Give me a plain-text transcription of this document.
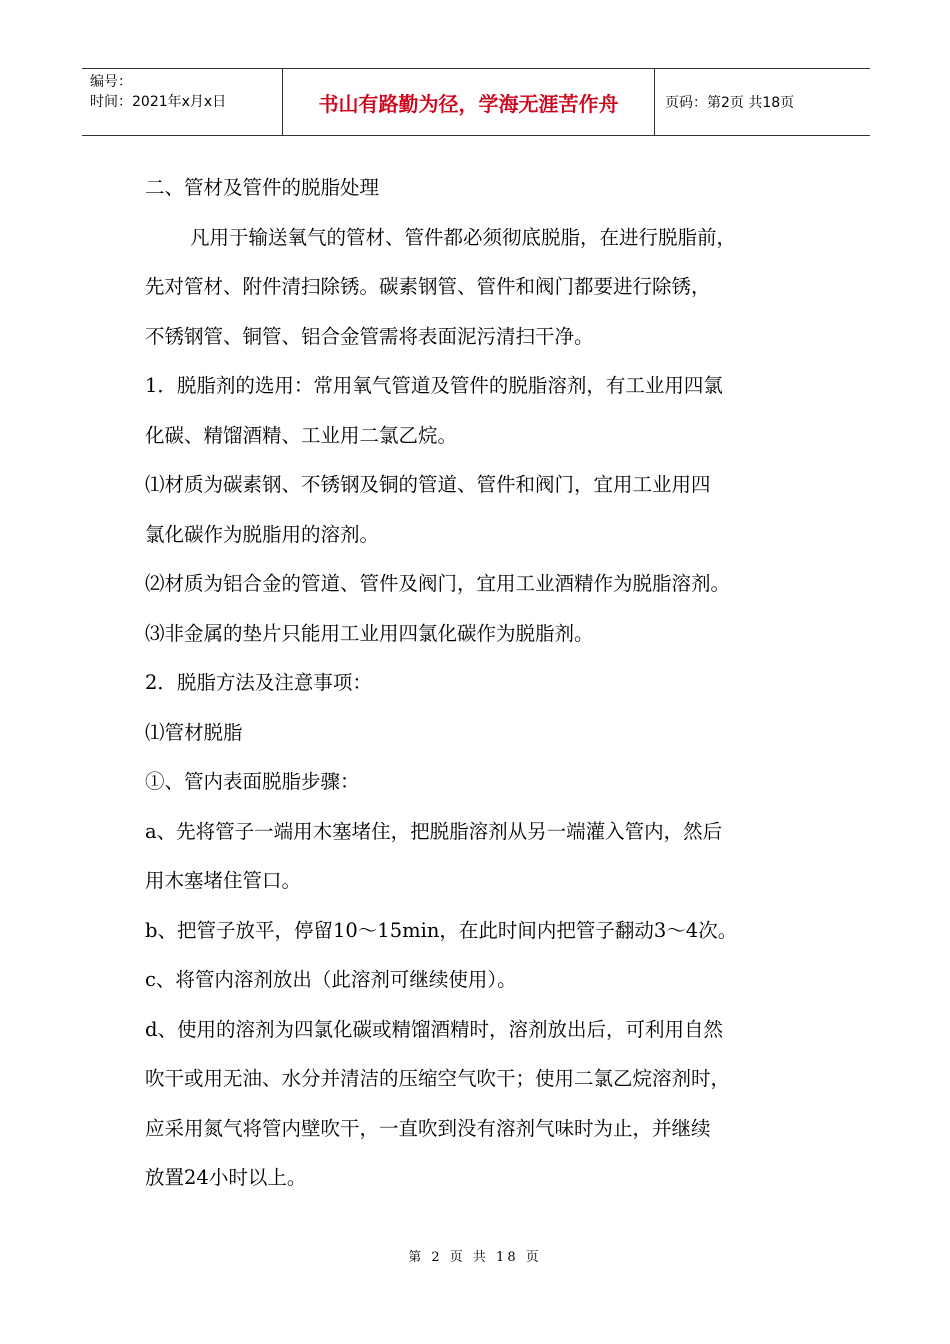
编号：
时间：2021年x月x日	书山有路勤为径，学海无涯苦作舟	页码：第2页 共18页
二、管材及管件的脱脂处理
凡用于输送氧气的管材、管件都必须彻底脱脂，在进行脱脂前，
先对管材、附件清扫除锈。碳素钢管、管件和阀门都要进行除锈，
不锈钢管、铜管、铝合金管需将表面泥污清扫干净。
1．脱脂剂的选用：常用氧气管道及管件的脱脂溶剂，有工业用四氯
化碳、精馏酒精、工业用二氯乙烷。
⑴材质为碳素钢、不锈钢及铜的管道、管件和阀门，宜用工业用四
氯化碳作为脱脂用的溶剂。
⑵材质为铝合金的管道、管件及阀门，宜用工业酒精作为脱脂溶剂。
⑶非金属的垫片只能用工业用四氯化碳作为脱脂剂。
2．脱脂方法及注意事项：
⑴管材脱脂
①、管内表面脱脂步骤：
a、先将管子一端用木塞堵住，把脱脂溶剂从另一端灌入管内，然后
用木塞堵住管口。
b、把管子放平，停留10～15min，在此时间内把管子翻动3～4次。
c、将管内溶剂放出（此溶剂可继续使用）。
d、使用的溶剂为四氯化碳或精馏酒精时，溶剂放出后，可利用自然
吹干或用无油、水分并清洁的压缩空气吹干；使用二氯乙烷溶剂时，
应采用氮气将管内壁吹干，一直吹到没有溶剂气味时为止，并继续
放置24小时以上。
第 2 页 共 18 页
